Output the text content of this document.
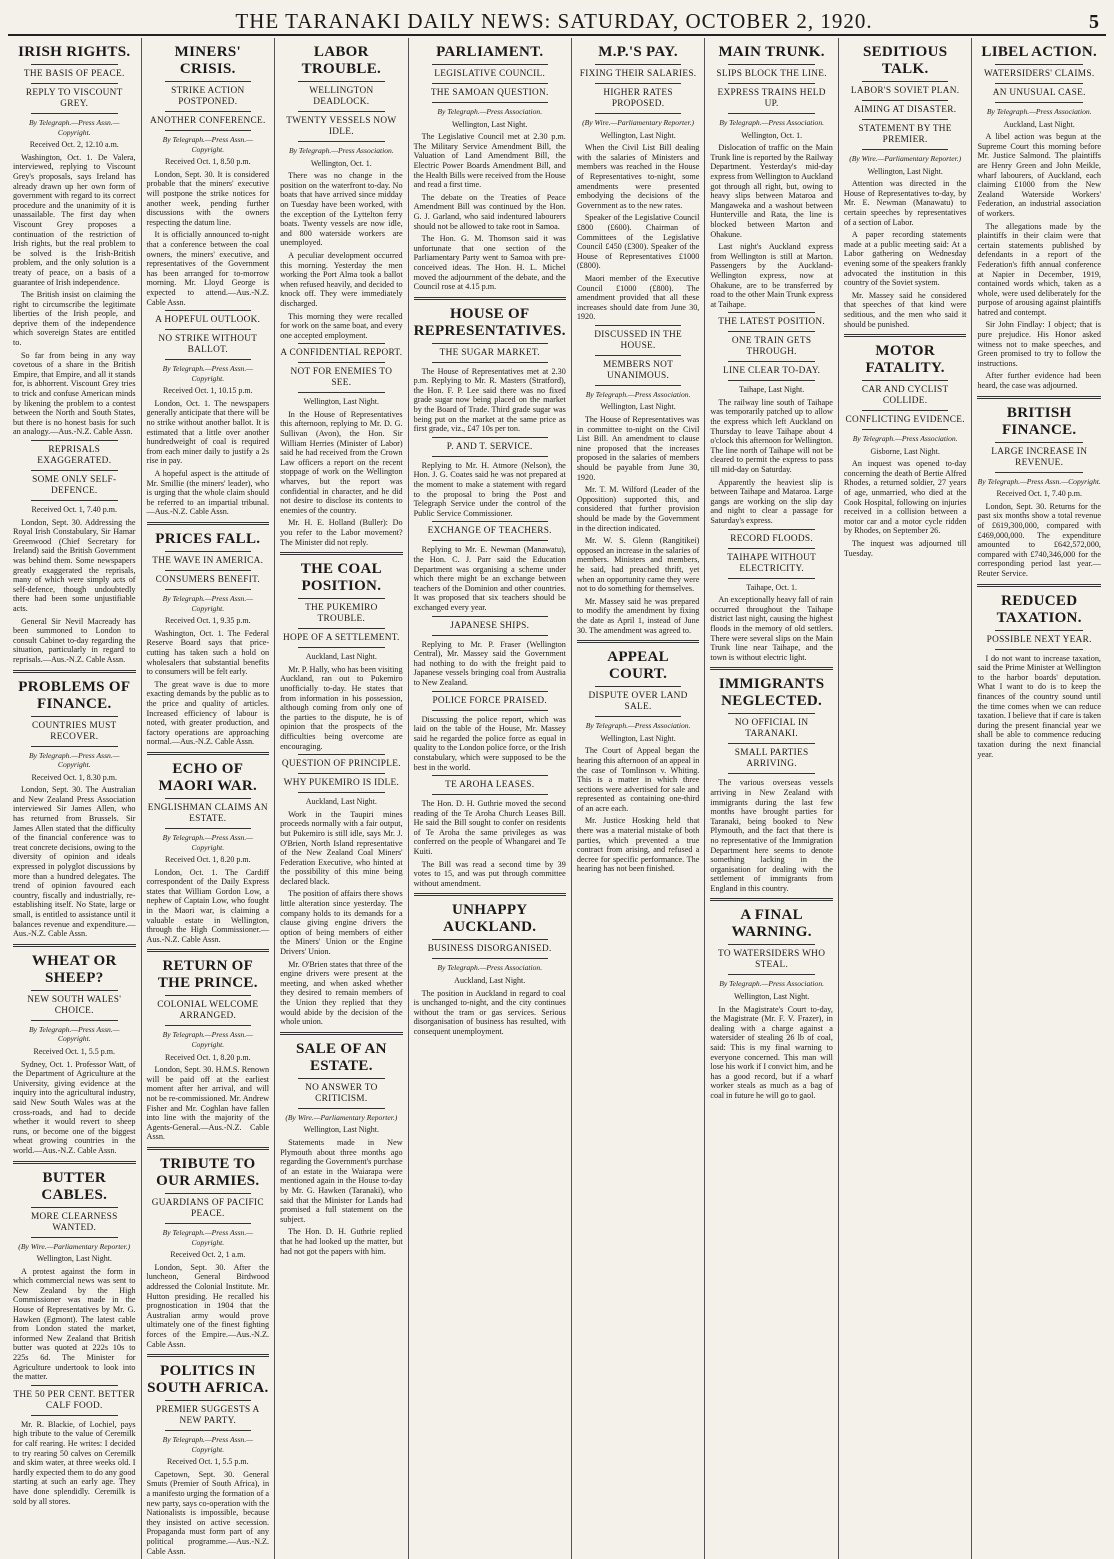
THE TARANAKI DAILY NEWS: SATURDAY, OCTOBER 2, 1920.	5
IRISH RIGHTS.
THE BASIS OF PEACE.
REPLY TO VISCOUNT GREY.
By Telegraph.—Press Assn.—Copyright.
Received Oct. 2, 12.10 a.m.

Washington, Oct. 1. De Valera, interviewed, replying to Viscount Grey's proposals, says Ireland has already drawn up her own form of government with regard to its correct procedure and the unanimity of it is unassailable. The first day when Viscount Grey proposes a continuation of the restriction of Irish rights, but the real problem to be solved is the Irish-British problem, and the only solution is a treaty of peace, on a basis of a guarantee of Irish independence.

The British insist on claiming the right to circumscribe the legitimate liberties of the Irish people, and deprive them of the independence which sovereign States are entitled to.

So far from being in any way covetous of a share in the British Empire, that Empire, and all it stands for, is abhorrent. Viscount Grey tries to trick and confuse American minds by likening the problem to a contest between the North and South States, but there is no honest basis for such an analogy.—Aus.-N.Z. Cable Assn.

REPRISALS EXAGGERATED.
SOME ONLY SELF-DEFENCE.
Received Oct. 1, 7.40 p.m.

London, Sept. 30. Addressing the Royal Irish Constabulary, Sir Hamar Greenwood (Chief Secretary for Ireland) said the British Government was behind them. Some newspapers greatly exaggerated the reprisals, many of which were simply acts of self-defence, though undoubtedly there had been some unjustifiable acts.

General Sir Nevil Macready has been summoned to London to consult Cabinet to-day regarding the situation, particularly in regard to reprisals.—Aus.-N.Z. Cable Assn.

PROBLEMS OF FINANCE.
COUNTRIES MUST RECOVER.
By Telegraph.—Press Assn.—Copyright.
Received Oct. 1, 8.30 p.m.

London, Sept. 30. The Australian and New Zealand Press Association interviewed Sir James Allen, who has returned from Brussels. Sir James Allen stated that the difficulty of the financial conference was to treat concrete decisions, owing to the diversity of opinion and ideals expressed in polyglot discussions by more than a hundred delegates. The trend of opinion favoured each country, fiscally and industrially, re-establishing itself. No State, large or small, is entitled to assistance until it balances revenue and expenditure.—Aus.-N.Z. Cable Assn.

WHEAT OR SHEEP?
NEW SOUTH WALES' CHOICE.
By Telegraph.—Press Assn.—Copyright.
Received Oct. 1, 5.5 p.m.

Sydney, Oct. 1. Professor Watt, of the Department of Agriculture at the University, giving evidence at the inquiry into the agricultural industry, said New South Wales was at the cross-roads, and had to decide whether it would revert to sheep runs, or become one of the biggest wheat growing countries in the world.—Aus.-N.Z. Cable Assn.

BUTTER CABLES.
MORE CLEARNESS WANTED.
(By Wire.—Parliamentary Reporter.)
Wellington, Last Night.

A protest against the form in which commercial news was sent to New Zealand by the High Commissioner was made in the House of Representatives by Mr. G. Hawken (Egmont). The latest cable from London stated the market, informed New Zealand that British butter was quoted at 222s 10s to 225s 6d. The Minister for Agriculture undertook to look into the matter.

THE 50 PER CENT. BETTER CALF FOOD.

Mr. R. Blackie, of Lochiel, pays high tribute to the value of Ceremilk for calf rearing. He writes: I decided to try rearing 50 calves on Ceremilk and skim water, at three weeks old. I hardly expected them to do any good starting at such an early age. They have done splendidly. Ceremilk is sold by all stores.

MINERS' CRISIS.
STRIKE ACTION POSTPONED.
ANOTHER CONFERENCE.
By Telegraph.—Press Assn.—Copyright.
Received Oct. 1, 8.50 p.m.

London, Sept. 30. It is considered probable that the miners' executive will postpone the strike notices for another week, pending further discussions with the owners respecting the datum line.

It is officially announced to-night that a conference between the coal owners, the miners' executive, and representatives of the Government has been arranged for to-morrow morning. Mr. Lloyd George is expected to attend.—Aus.-N.Z. Cable Assn.

A HOPEFUL OUTLOOK.
NO STRIKE WITHOUT BALLOT.
By Telegraph.—Press Assn.—Copyright.
Received Oct. 1, 10.15 p.m.

London, Oct. 1. The newspapers generally anticipate that there will be no strike without another ballot. It is estimated that a little over another hundredweight of coal is required from each miner daily to justify a 2s rise in pay.

A hopeful aspect is the attitude of Mr. Smillie (the miners' leader), who is urging that the whole claim should be referred to an impartial tribunal.—Aus.-N.Z. Cable Assn.

PRICES FALL.
THE WAVE IN AMERICA.
CONSUMERS BENEFIT.
By Telegraph.—Press Assn.—Copyright.
Received Oct. 1, 9.35 p.m.

Washington, Oct. 1. The Federal Reserve Board says that price-cutting has taken such a hold on wholesalers that substantial benefits to consumers will be felt early.

The great wave is due to more exacting demands by the public as to the price and quality of articles. Increased efficiency of labour is noted, with greater production, and factory operations are approaching normal.—Aus.-N.Z. Cable Assn.

ECHO OF MAORI WAR.
ENGLISHMAN CLAIMS AN ESTATE.
By Telegraph.—Press Assn.—Copyright.
Received Oct. 1, 8.20 p.m.

London, Oct. 1. The Cardiff correspondent of the Daily Express states that William Gordon Low, a nephew of Captain Low, who fought in the Maori war, is claiming a valuable estate in Wellington, through the High Commissioner.—Aus.-N.Z. Cable Assn.

RETURN OF THE PRINCE.
COLONIAL WELCOME ARRANGED.
By Telegraph.—Press Assn.—Copyright.
Received Oct. 1, 8.20 p.m.

London, Sept. 30. H.M.S. Renown will be paid off at the earliest moment after her arrival, and will not be re-commissioned. Mr. Andrew Fisher and Mr. Coghlan have fallen into line with the majority of the Agents-General.—Aus.-N.Z. Cable Assn.

TRIBUTE TO OUR ARMIES.
GUARDIANS OF PACIFIC PEACE.
By Telegraph.—Press Assn.—Copyright.
Received Oct. 2, 1 a.m.

London, Sept. 30. After the luncheon, General Birdwood addressed the Colonial Institute. Mr. Hutton presiding. He recalled his prognostication in 1904 that the Australian army would prove ultimately one of the finest fighting forces of the Empire.—Aus.-N.Z. Cable Assn.

POLITICS IN SOUTH AFRICA.
PREMIER SUGGESTS A NEW PARTY.
By Telegraph.—Press Assn.—Copyright.
Received Oct. 1, 5.5 p.m.

Capetown, Sept. 30. General Smuts (Premier of South Africa), in a manifesto urging the formation of a new party, says co-operation with the Nationalists is impossible, because they insisted on active secession. Propaganda must form part of any political programme.—Aus.-N.Z. Cable Assn.

LABOR TROUBLE.
WELLINGTON DEADLOCK.
TWENTY VESSELS NOW IDLE.
By Telegraph.—Press Association.
Wellington, Oct. 1.

There was no change in the position on the waterfront to-day. No boats that have arrived since midday on Tuesday have been worked, with the exception of the Lyttelton ferry boats. Twenty vessels are now idle, and 800 waterside workers are unemployed.

A peculiar development occurred this morning. Yesterday the men working the Port Alma took a ballot when refused heavily, and decided to knock off. They were immediately discharged.

This morning they were recalled for work on the same boat, and every one accepted employment.

A CONFIDENTIAL REPORT.
NOT FOR ENEMIES TO SEE.
Wellington, Last Night.

In the House of Representatives this afternoon, replying to Mr. D. G. Sullivan (Avon), the Hon. Sir William Herries (Minister of Labor) said he had received from the Crown Law officers a report on the recent stoppage of work on the Wellington wharves, but the report was confidential in character, and he did not desire to disclose its contents to enemies of the country.

Mr. H. E. Holland (Buller): Do you refer to the Labor movement? The Minister did not reply.

THE COAL POSITION.
THE PUKEMIRO TROUBLE.
HOPE OF A SETTLEMENT.
Auckland, Last Night.

Mr. P. Hally, who has been visiting Auckland, ran out to Pukemiro unofficially to-day. He states that from information in his possession, although coming from only one of the parties to the dispute, he is of opinion that the prospects of the difficulties being overcome are encouraging.

QUESTION OF PRINCIPLE.
WHY PUKEMIRO IS IDLE.
Auckland, Last Night.

Work in the Taupiri mines proceeds normally with a fair output, but Pukemiro is still idle, says Mr. J. O'Brien, North Island representative of the New Zealand Coal Miners' Federation Executive, who hinted at the possibility of this mine being declared black.

The position of affairs there shows little alteration since yesterday. The company holds to its demands for a clause giving engine drivers the option of being members of either the Miners' Union or the Engine Drivers' Union.

Mr. O'Brien states that three of the engine drivers were present at the meeting, and when asked whether they desired to remain members of the Union they replied that they would abide by the decision of the whole union.

SALE OF AN ESTATE.
NO ANSWER TO CRITICISM.
(By Wire.—Parliamentary Reporter.)
Wellington, Last Night.

Statements made in New Plymouth about three months ago regarding the Government's purchase of an estate in the Waiarapa were mentioned again in the House to-day by Mr. G. Hawken (Taranaki), who said that the Minister for Lands had promised a full statement on the subject.

The Hon. D. H. Guthrie replied that he had looked up the matter, but had not got the papers with him.

PARLIAMENT.
LEGISLATIVE COUNCIL.
THE SAMOAN QUESTION.
By Telegraph.—Press Association.
Wellington, Last Night.

The Legislative Council met at 2.30 p.m. The Military Service Amendment Bill, the Valuation of Land Amendment Bill, the Electric Power Boards Amendment Bill, and the Health Bills were received from the House and read a first time.

The debate on the Treaties of Peace Amendment Bill was continued by the Hon. G. J. Garland, who said indentured labourers should not be allowed to take root in Samoa.

The Hon. G. M. Thomson said it was unfortunate that one section of the Parliamentary Party went to Samoa with pre-conceived ideas. The Hon. H. L. Michel moved the adjournment of the debate, and the Council rose at 4.15 p.m.

HOUSE OF REPRESENTATIVES.
THE SUGAR MARKET.

The House of Representatives met at 2.30 p.m. Replying to Mr. R. Masters (Stratford), the Hon. F. P. Lee said there was no fixed grade sugar now being placed on the market by the Board of Trade. Third grade sugar was being put on the market at the same price as first grade, viz., £47 10s per ton.

P. AND T. SERVICE.

Replying to Mr. H. Atmore (Nelson), the Hon. J. G. Coates said he was not prepared at the moment to make a statement with regard to the proposal to bring the Post and Telegraph Service under the control of the Public Service Commissioner.

EXCHANGE OF TEACHERS.

Replying to Mr. E. Newman (Manawatu), the Hon. C. J. Parr said the Education Department was organising a scheme under which there might be an exchange between teachers of the Dominion and other countries. It was proposed that six teachers should be exchanged every year.

JAPANESE SHIPS.

Replying to Mr. P. Fraser (Wellington Central), Mr. Massey said the Government had nothing to do with the freight paid to Japanese vessels bringing coal from Australia to New Zealand.

POLICE FORCE PRAISED.

Discussing the police report, which was laid on the table of the House, Mr. Massey said he regarded the police force as equal in quality to the London police force, or the Irish constabulary, which were supposed to be the best in the world.

TE AROHA LEASES.

The Hon. D. H. Guthrie moved the second reading of the Te Aroha Church Leases Bill. He said the Bill sought to confer on residents of Te Aroha the same privileges as was conferred on the people of Whangarei and Te Kuiti.

The Bill was read a second time by 39 votes to 15, and was put through committee without amendment.

UNHAPPY AUCKLAND.
BUSINESS DISORGANISED.
By Telegraph.—Press Association.
Auckland, Last Night.

The position in Auckland in regard to coal is unchanged to-night, and the city continues without the tram or gas services. Serious disorganisation of business has resulted, with consequent unemployment.

M.P.'S PAY.
FIXING THEIR SALARIES.
HIGHER RATES PROPOSED.
(By Wire.—Parliamentary Reporter.)
Wellington, Last Night.

When the Civil List Bill dealing with the salaries of Ministers and members was reached in the House of Representatives to-night, some amendments were presented embodying the decisions of the Government as to the new rates.

Speaker of the Legislative Council £800 (£600). Chairman of Committees of the Legislative Council £450 (£300). Speaker of the House of Representatives £1000 (£800).

Maori member of the Executive Council £1000 (£800). The amendment provided that all these increases should date from June 30, 1920.

DISCUSSED IN THE HOUSE.
MEMBERS NOT UNANIMOUS.
By Telegraph.—Press Association.
Wellington, Last Night.

The House of Representatives was in committee to-night on the Civil List Bill. An amendment to clause nine proposed that the increases proposed in the salaries of members should be payable from June 30, 1920.

Mr. T. M. Wilford (Leader of the Opposition) supported this, and considered that further provision should be made by the Government in the direction indicated.

Mr. W. S. Glenn (Rangitikei) opposed an increase in the salaries of members. Ministers and members, he said, had preached thrift, yet when an opportunity came they were not to do something for themselves.

Mr. Massey said he was prepared to modify the amendment by fixing the date as April 1, instead of June 30. The amendment was agreed to.

APPEAL COURT.
DISPUTE OVER LAND SALE.
By Telegraph.—Press Association.
Wellington, Last Night.

The Court of Appeal began the hearing this afternoon of an appeal in the case of Tomlinson v. Whiting. This is a matter in which three sections were advertised for sale and represented as containing one-third of an acre each.

Mr. Justice Hosking held that there was a material mistake of both parties, which prevented a true contract from arising, and refused a decree for specific performance. The hearing has not been finished.

MAIN TRUNK.
SLIPS BLOCK THE LINE.
EXPRESS TRAINS HELD UP.
By Telegraph.—Press Association.
Wellington, Oct. 1.

Dislocation of traffic on the Main Trunk line is reported by the Railway Department. Yesterday's mid-day express from Wellington to Auckland got through all right, but, owing to heavy slips between Mataroa and Mangaweka and a washout between Hunterville and Rata, the line is blocked between Marton and Ohakune.

Last night's Auckland express from Wellington is still at Marton. Passengers by the Auckland-Wellington express, now at Ohakune, are to be transferred by road to the other Main Trunk express at Taihape.

THE LATEST POSITION.
ONE TRAIN GETS THROUGH.
LINE CLEAR TO-DAY.
Taihape, Last Night.

The railway line south of Taihape was temporarily patched up to allow the express which left Auckland on Thursday to leave Taihape about 4 o'clock this afternoon for Wellington. The line north of Taihape will not be cleared to permit the express to pass till mid-day on Saturday.

Apparently the heaviest slip is between Taihape and Mataroa. Large gangs are working on the slip day and night to clear a passage for Saturday's express.

RECORD FLOODS.
TAIHAPE WITHOUT ELECTRICITY.
Taihape, Oct. 1.

An exceptionally heavy fall of rain occurred throughout the Taihape district last night, causing the highest floods in the memory of old settlers. There were several slips on the Main Trunk line near Taihape, and the town is without electric light.

IMMIGRANTS NEGLECTED.
NO OFFICIAL IN TARANAKI.
SMALL PARTIES ARRIVING.

The various overseas vessels arriving in New Zealand with immigrants during the last few months have brought parties for Taranaki, being booked to New Plymouth, and the fact that there is no representative of the Immigration Department here seems to denote something lacking in the organisation for dealing with the settlement of immigrants from England in this country.

A FINAL WARNING.
TO WATERSIDERS WHO STEAL.
By Telegraph.—Press Association.
Wellington, Last Night.

In the Magistrate's Court to-day, the Magistrate (Mr. F. V. Frazer), in dealing with a charge against a watersider of stealing 26 lb of coal, said: This is my final warning to everyone concerned. This man will lose his work if I convict him, and he has a good record, but if a wharf worker steals as much as a bag of coal in future he will go to gaol.

SEDITIOUS TALK.
LABOR'S SOVIET PLAN.
AIMING AT DISASTER.
STATEMENT BY THE PREMIER.
(By Wire.—Parliamentary Reporter.)
Wellington, Last Night.

Attention was directed in the House of Representatives to-day, by Mr. E. Newman (Manawatu) to certain speeches by representatives of a section of Labor.

A paper recording statements made at a public meeting said: At a Labor gathering on Wednesday evening some of the speakers frankly advocated the institution in this country of the Soviet system.

Mr. Massey said he considered that speeches of that kind were seditious, and the men who said it should be punished.

MOTOR FATALITY.
CAR AND CYCLIST COLLIDE.
CONFLICTING EVIDENCE.
By Telegraph.—Press Association.
Gisborne, Last Night.

An inquest was opened to-day concerning the death of Bertie Alfred Rhodes, a returned soldier, 27 years of age, unmarried, who died at the Cook Hospital, following on injuries received in a collision between a motor car and a motor cycle ridden by Rhodes, on September 26.

The inquest was adjourned till Tuesday.

LIBEL ACTION.
WATERSIDERS' CLAIMS.
AN UNUSUAL CASE.
By Telegraph.—Press Association.
Auckland, Last Night.

A libel action was begun at the Supreme Court this morning before Mr. Justice Salmond. The plaintiffs are Henry Green and John Meikle, wharf labourers, of Auckland, each claiming £1000 from the New Zealand Waterside Workers' Federation, an industrial association of workers.

The allegations made by the plaintiffs in their claim were that certain statements published by defendants in a report of the Federation's fifth annual conference at Napier in December, 1919, contained words which, taken as a whole, were used deliberately for the purpose of arousing against plaintiffs hatred and contempt.

Sir John Findlay: I object; that is pure prejudice. His Honor asked witness not to make speeches, and Green promised to try to follow the instructions.

After further evidence had been heard, the case was adjourned.

BRITISH FINANCE.
LARGE INCREASE IN REVENUE.
By Telegraph.—Press Assn.—Copyright.
Received Oct. 1, 7.40 p.m.

London, Sept. 30. Returns for the past six months show a total revenue of £619,300,000, compared with £469,000,000. The expenditure amounted to £642,572,000, compared with £740,346,000 for the corresponding period last year.—Reuter Service.

REDUCED TAXATION.
POSSIBLE NEXT YEAR.

I do not want to increase taxation, said the Prime Minister at Wellington to the harbor boards' deputation. What I want to do is to keep the finances of the country sound until the time comes when we can reduce taxation. I believe that if care is taken during the present financial year we shall be able to commence reducing taxation during the next financial year.
